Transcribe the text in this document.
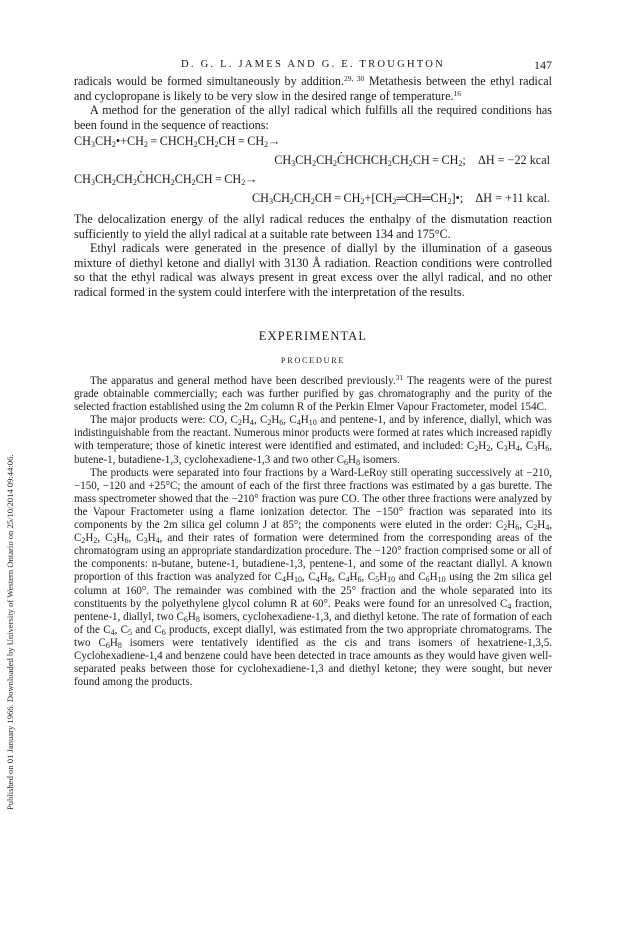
Published on 01 January 1966. Downloaded by University of Western Ontario on 25/10/2014 09:44:06.
D. G. L. JAMES AND G. E. TROUGHTON	147

radicals would be formed simultaneously by addition.$^{29, 30}$ Metathesis between the ethyl radical and cyclopropane is likely to be very slow in the desired range of temperature.$^{16}$

A method for the generation of the allyl radical which fulfills all the required conditions has been found in the sequence of reactions:

$CH_3CH_2•+CH_2$ = $CHCH_2CH_2CH = CH_2\to$
$CH_3CH_2CH_2\cdot$ $CHCHCH_2CH_2CH = CH_2$; ΔH = −22 kcal
$CH_3CH_2CH_2\cdot$ $CHCH_2CH_2CH = CH_2\to$
$CH_3CH_2CH_2CH$ = $CH_2+[CH_2═CH═CH_2]•$; ΔH = +11 kcal.

The delocalization energy of the allyl radical reduces the enthalpy of the dismutation reaction sufficiently to yield the allyl radical at a suitable rate between 134 and 175°C.

Ethyl radicals were generated in the presence of diallyl by the illumination of a gaseous mixture of diethyl ketone and diallyl with 3130 Å radiation. Reaction conditions were controlled so that the ethyl radical was always present in great excess over the allyl radical, and no other radical formed in the system could interfere with the interpretation of the results.

EXPERIMENTAL
PROCEDURE

The apparatus and general method have been described previously.$^{31}$ The reagents were of the purest grade obtainable commercially; each was further purified by gas chromatography and the purity of the selected fraction established using the 2m column R of the Perkin Elmer Vapour Fractometer, model 154C.

The major products were: CO, $C_2H_4$, $C_2H_6$, $C_4H_{10}$ and pentene-1, and by inference, diallyl, which was indistinguishable from the reactant. Numerous minor products were formed at rates which increased rapidly with temperature; those of kinetic interest were identified and estimated, and included: $C_2H_2$, $C_3H_4$, $C_3H_6$, butene-1, butadiene-1,3, cyclohexadiene-1,3 and two other $C_6H_8$ isomers.

The products were separated into four fractions by a Ward-LeRoy still operating successively at −210, −150, −120 and +25°C; the amount of each of the first three fractions was estimated by a gas burette. The mass spectrometer showed that the −210° fraction was pure CO. The other three fractions were analyzed by the Vapour Fractometer using a flame ionization detector. The −150° fraction was separated into its components by the 2m silica gel column J at 85°; the components were eluted in the order: $C_2H_6$, $C_2H_4$, $C_2H_2$, $C_3H_6$, $C_3H_4$, and their rates of formation were determined from the corresponding areas of the chromatogram using an appropriate standardization procedure. The −120° fraction comprised some or all of the components: n-butane, butene-1, butadiene-1,3, pentene-1, and some of the reactant diallyl. A known proportion of this fraction was analyzed for $C_4H_{10}$, $C_4H_8$, $C_4H_6$, $C_5H_{10}$ and $C_6H_{10}$ using the 2m silica gel column at 160°. The remainder was combined with the 25° fraction and the whole separated into its constituents by the polyethylene glycol column R at 60°. Peaks were found for an unresolved $C_4$ fraction, pentene-1, diallyl, two $C_6H_8$ isomers, cyclohexadiene-1,3, and diethyl ketone. The rate of formation of each of the $C_4$, $C_5$ and $C_6$ products, except diallyl, was estimated from the two appropriate chromatograms. The two $C_6H_8$ isomers were tentatively identified as the cis and trans isomers of hexatriene-1,3,5. Cyclohexadiene-1,4 and benzene could have been detected in trace amounts as they would have given well-separated peaks between those for cyclohexadiene-1,3 and diethyl ketone; they were sought, but never found among the products.
